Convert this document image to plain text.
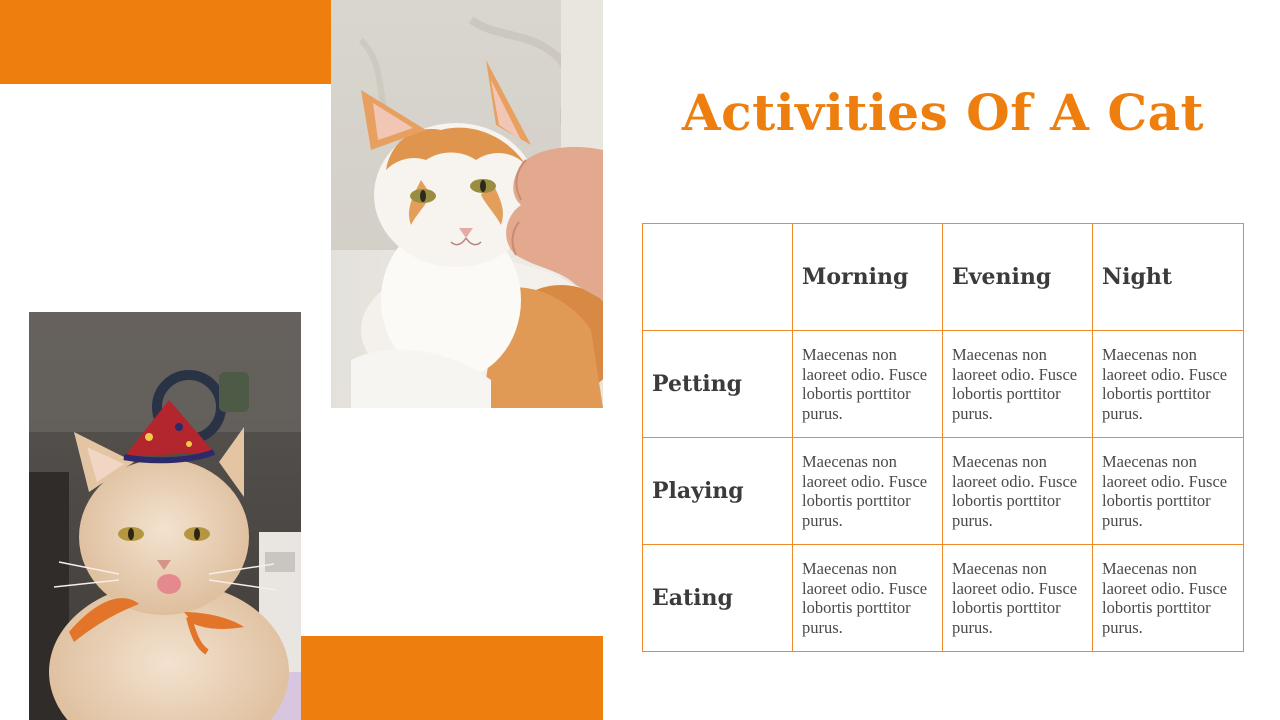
Activities Of A Cat
	Morning	Evening	Night
Petting	Maecenas non laoreet odio. Fusce lobortis porttitor purus.	Maecenas non laoreet odio. Fusce lobortis porttitor purus.	Maecenas non laoreet odio. Fusce lobortis porttitor purus.
Playing	Maecenas non laoreet odio. Fusce lobortis porttitor purus.	Maecenas non laoreet odio. Fusce lobortis porttitor purus.	Maecenas non laoreet odio. Fusce lobortis porttitor purus.
Eating	Maecenas non laoreet odio. Fusce lobortis porttitor purus.	Maecenas non laoreet odio. Fusce lobortis porttitor purus.	Maecenas non laoreet odio. Fusce lobortis porttitor purus.
